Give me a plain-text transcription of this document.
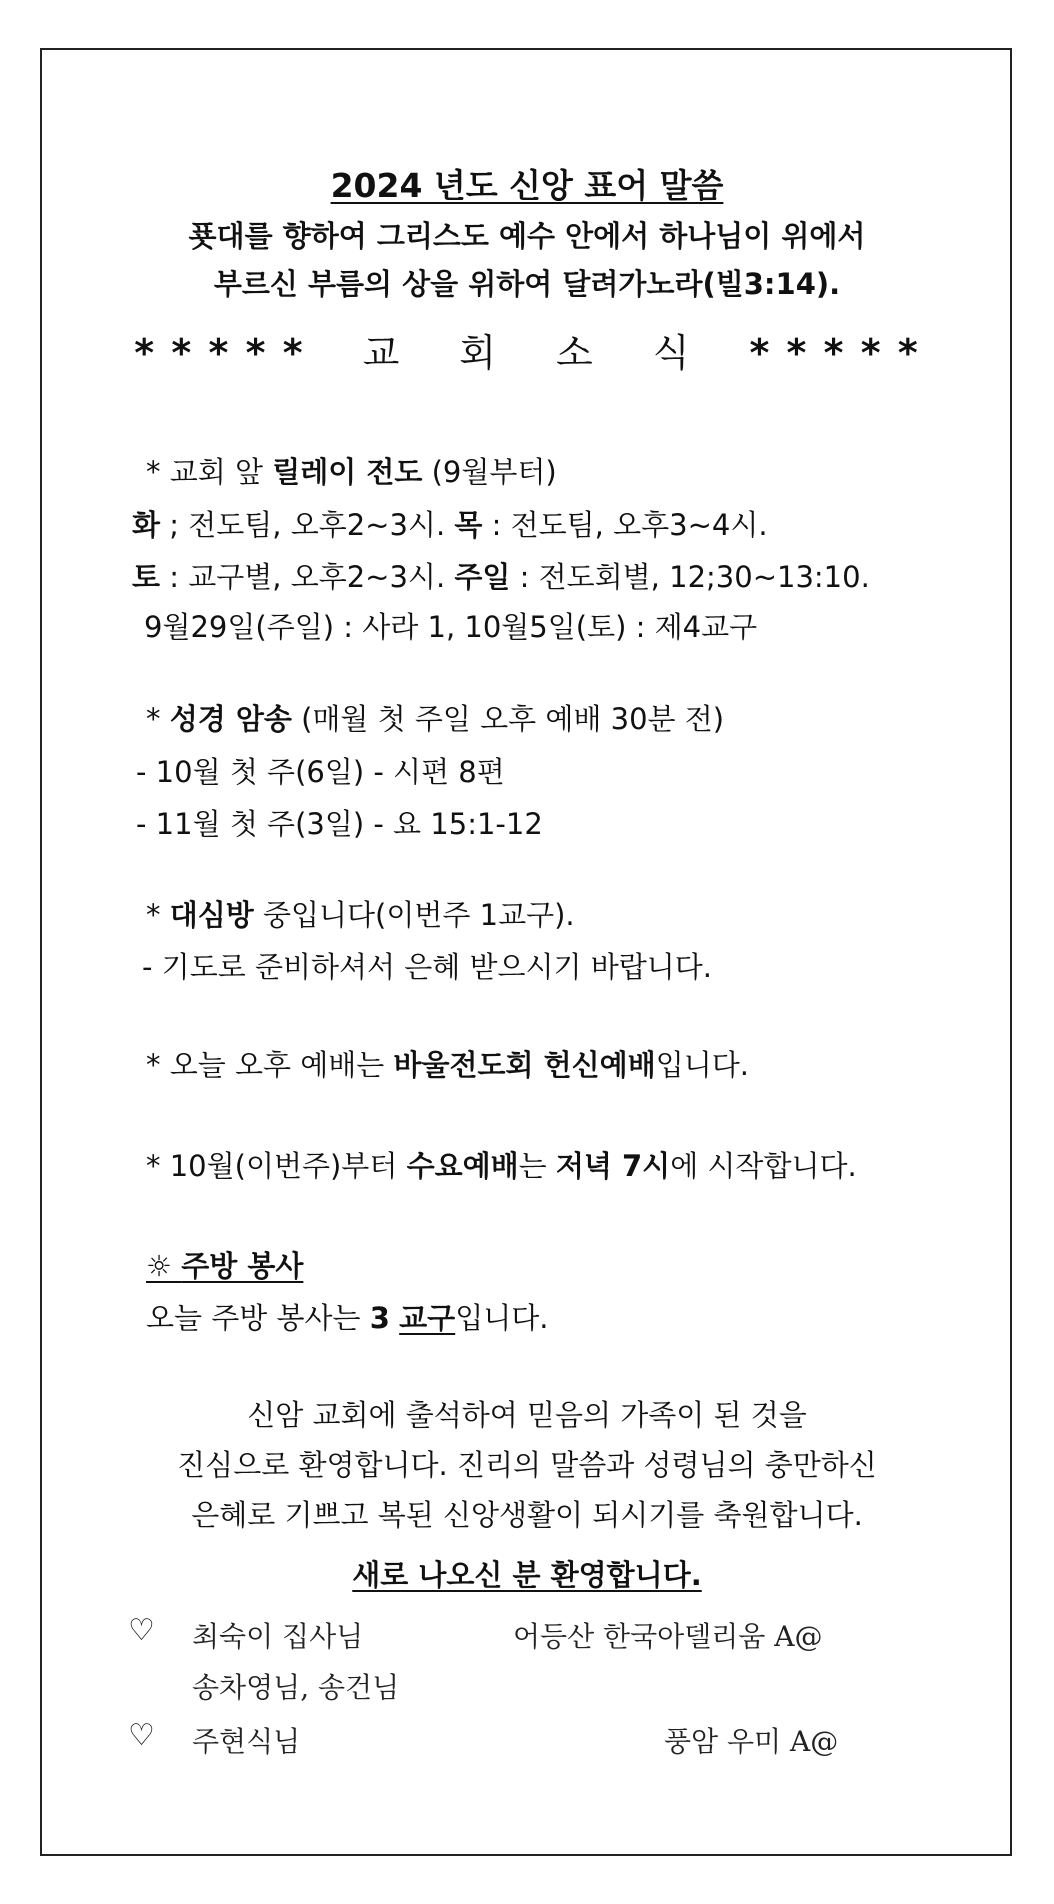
2024 년도 신앙 표어 말씀
푯대를 향하여 그리스도 예수 안에서 하나님이 위에서
부르신 부름의 상을 위하여 달려가노라(빌3:14).
* * * * * 교 회 소 식 * * * * *
* 교회 앞 릴레이 전도 (9월부터)
화 ; 전도팀, 오후2~3시. 목 : 전도팀, 오후3~4시.
토 : 교구별, 오후2~3시. 주일 : 전도회별, 12;30~13:10.
9월29일(주일) : 사라 1, 10월5일(토) : 제4교구
* 성경 암송 (매월 첫 주일 오후 예배 30분 전)
- 10월 첫 주(6일) - 시편 8편
- 11월 첫 주(3일) - 요 15:1-12
* 대심방 중입니다(이번주 1교구).
- 기도로 준비하셔서 은혜 받으시기 바랍니다.
* 오늘 오후 예배는 바울전도회 헌신예배입니다.
* 10월(이번주)부터 수요예배는 저녁 7시에 시작합니다.
☼ 주방 봉사
오늘 주방 봉사는 3 교구입니다.
신암 교회에 출석하여 믿음의 가족이 된 것을
진심으로 환영합니다. 진리의 말씀과 성령님의 충만하신
은혜로 기쁘고 복된 신앙생활이 되시기를 축원합니다.
새로 나오신 분 환영합니다.
♡ 최숙이 집사님	어등산 한국아델리움 A@
송차영님, 송건님
♡ 주현식님	풍암 우미 A@
